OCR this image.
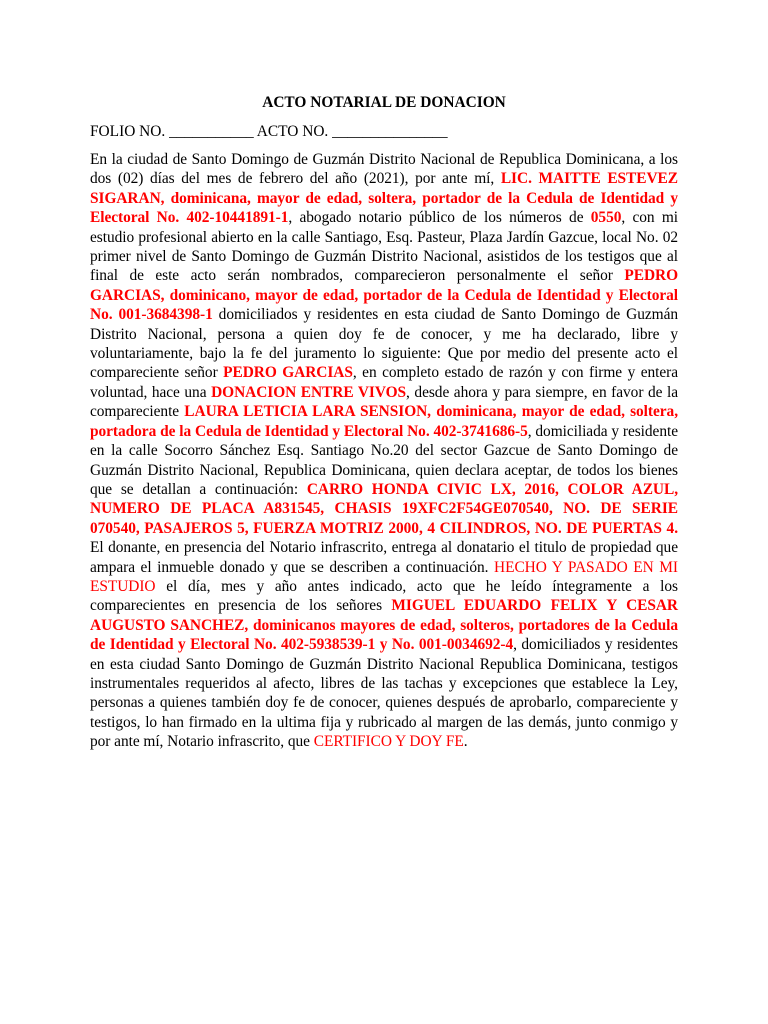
ACTO NOTARIAL DE DONACION
FOLIO NO. ___________ ACTO NO. _______________

En la ciudad de Santo Domingo de Guzmán Distrito Nacional de Republica Dominicana, a los dos (02) días del mes de febrero del año (2021), por ante mí, LIC. MAITTE ESTEVEZ SIGARAN, dominicana, mayor de edad, soltera, portador de la Cedula de Identidad y Electoral No. 402-10441891-1, abogado notario público de los números de 0550, con mi estudio profesional abierto en la calle Santiago, Esq. Pasteur, Plaza Jardín Gazcue, local No. 02 primer nivel de Santo Domingo de Guzmán Distrito Nacional, asistidos de los testigos que al final de este acto serán nombrados, comparecieron personalmente el señor PEDRO GARCIAS, dominicano, mayor de edad, portador de la Cedula de Identidad y Electoral No. 001-3684398-1 domiciliados y residentes en esta ciudad de Santo Domingo de Guzmán Distrito Nacional, persona a quien doy fe de conocer, y me ha declarado, libre y voluntariamente, bajo la fe del juramento lo siguiente: Que por medio del presente acto el compareciente señor PEDRO GARCIAS, en completo estado de razón y con firme y entera voluntad, hace una DONACION ENTRE VIVOS, desde ahora y para siempre, en favor de la compareciente LAURA LETICIA LARA SENSION, dominicana, mayor de edad, soltera, portadora de la Cedula de Identidad y Electoral No. 402-3741686-5, domiciliada y residente en la calle Socorro Sánchez Esq. Santiago No.20 del sector Gazcue de Santo Domingo de Guzmán Distrito Nacional, Republica Dominicana, quien declara aceptar, de todos los bienes que se detallan a continuación: CARRO HONDA CIVIC LX, 2016, COLOR AZUL, NUMERO DE PLACA A831545, CHASIS 19XFC2F54GE070540, NO. DE SERIE 070540, PASAJEROS 5, FUERZA MOTRIZ 2000, 4 CILINDROS, NO. DE PUERTAS 4. El donante, en presencia del Notario infrascrito, entrega al donatario el titulo de propiedad que ampara el inmueble donado y que se describen a continuación. HECHO Y PASADO EN MI ESTUDIO el día, mes y año antes indicado, acto que he leído íntegramente a los comparecientes en presencia de los señores MIGUEL EDUARDO FELIX Y CESAR AUGUSTO SANCHEZ, dominicanos mayores de edad, solteros, portadores de la Cedula de Identidad y Electoral No. 402-5938539-1 y No. 001-0034692-4, domiciliados y residentes en esta ciudad Santo Domingo de Guzmán Distrito Nacional Republica Dominicana, testigos instrumentales requeridos al afecto, libres de las tachas y excepciones que establece la Ley, personas a quienes también doy fe de conocer, quienes después de aprobarlo, compareciente y testigos, lo han firmado en la ultima fija y rubricado al margen de las demás, junto conmigo y por ante mí, Notario infrascrito, que CERTIFICO Y DOY FE.
